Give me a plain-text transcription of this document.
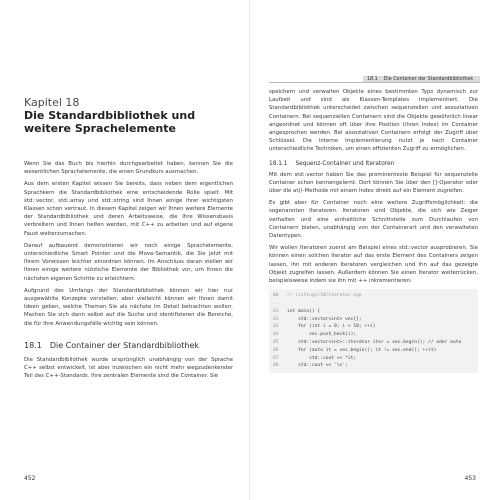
Kapitel 18

Die Standardbibliothek und

weitere Sprachelemente

Wenn Sie das Buch bis hierhin durchgearbeitet haben, kennen Sie die wesentlichen Sprachelemente, die einen Grundkurs ausmachen.

Aus dem ersten Kapitel wissen Sie bereits, dass neben dem eigentlichen Sprachkern die Standardbibliothek eine entscheidende Rolle spielt. Mit std::vector, std::array und std::string sind Ihnen einige ihrer wichtigsten Klassen schon vertraut. In diesem Kapitel zeigen wir Ihnen weitere Elemente der Standardbibliothek und deren Arbeitsweise, die Ihre Wissensbasis verbreitern und Ihnen helfen werden, mit C++ zu arbeiten und auf eigene Faust weiterzumachen.

Darauf aufbauend demonstrieren wir noch einige Sprachelemente, unterschiedliche Smart Pointer und die Move-Semantik, die Sie jetzt mit Ihrem Vorwissen leichter einordnen können. Im Anschluss daran stellen wir Ihnen einige weitere nützliche Elemente der Bibliothek vor, um Ihnen die nächsten eigenen Schritte zu erleichtern.

Aufgrund des Umfangs der Standardbibliothek können wir hier nur ausgewählte Konzepte vorstellen, aber vielleicht können wir Ihnen damit Ideen geben, welche Themen Sie als nächste im Detail betrachten wollen. Machen Sie sich dann selbst auf die Suche und identifizieren die Bereiche, die für Ihre Anwendungsfälle wichtig sein können.

18.1 Die Container der Standardbibliothek

Die Standardbibliothek wurde ursprünglich unabhängig von der Sprache C++ selbst entwickelt, ist aber inzwischen ein nicht mehr wegzudenkender Teil des C++-Standards. Ihre zentralen Elemente sind die Container. Sie

452
18.1 Die Container der Standardbibliothek

speichern und verwalten Objekte eines bestimmten Typs dynamisch zur Laufzeit und sind als Klassen-Templates implementiert. Die Standardbibliothek unterscheidet zwischen sequenziellen und assoziativen Containern. Bei sequenziellen Containern sind die Objekte gewöhnlich linear angeordnet und können oft über ihre Position (ihren Index) im Container angesprochen werden. Bei assoziativen Containern erfolgt der Zugriff über Schlüssel. Die interne Implementierung nutzt je nach Container unterschiedliche Techniken, um einen effizienten Zugriff zu ermöglichen.

18.1.1 Sequenz-Container und Iteratoren

Mit dem std::vector haben Sie das prominenteste Beispiel für sequenzielle Container schon kennengelernt. Dort können Sie über den []-Operator oder über die at()-Methode mit einem Index direkt auf ein Element zugreifen.

Es gibt aber für Container noch eine weitere Zugriffsmöglichkeit: die sogenannten Iteratoren. Iteratoren sind Objekte, die sich wie Zeiger verhalten und eine einheitliche Schnittstelle zum Durchlaufen von Containern bieten, unabhängig von der Containerart und den verwalteten Datentypen.

Wir wollen Iteratoren zuerst am Beispiel eines std::vector ausprobieren. Sie können einen solchen Iterator auf das erste Element des Containers zeigen lassen, ihn mit anderen Iteratoren vergleichen und ihn auf das gezeigte Objekt zugreifen lassen. Außerdem können Sie einen Iterator weiterrücken, beispielsweise indem sie ihn mit ++ inkrementieren:

00 // listings/18/iterator.cpp
...
01 int main() {
02    std::vector<int> vec{};
03    for (int i = 0; i < 10; ++i)
04        vec.push_back(i);
05    std::vector<int>::iterator iter = vec.begin(); // oder auto
06    for (auto it = vec.begin(); it != vec.end(); ++it)
07        std::cout << *it;
08    std::cout << '\n';
453
